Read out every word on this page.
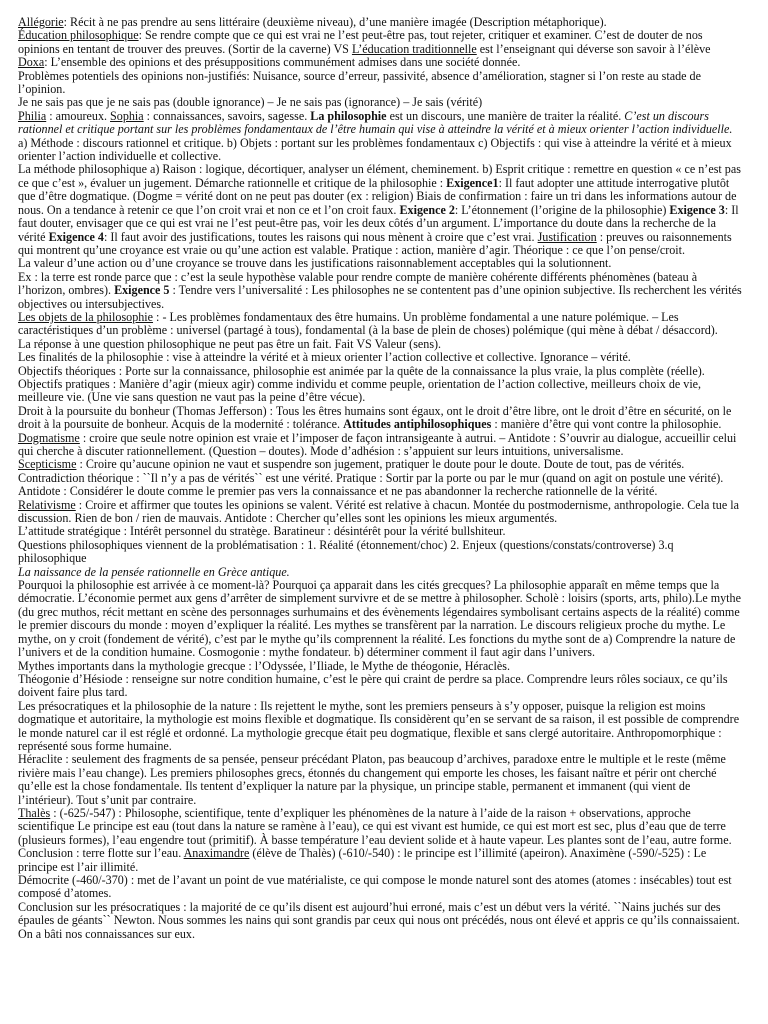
Allégorie: Récit à ne pas prendre au sens littéraire (deuxième niveau), d’une manière imagée (Description métaphorique).

Éducation philosophique: Se rendre compte que ce qui est vrai ne l’est peut-être pas, tout rejeter, critiquer et examiner. C’est de douter de nos opinions en tentant de trouver des preuves. (Sortir de la caverne) VS L’éducation traditionnelle est l’enseignant qui déverse son savoir à l’élève

Doxa: L’ensemble des opinions et des présuppositions communément admises dans une société donnée.

Problèmes potentiels des opinions non-justifiés: Nuisance, source d’erreur, passivité, absence d’amélioration, stagner si l’on reste au stade de l’opinion.

Je ne sais pas que je ne sais pas (double ignorance) – Je ne sais pas (ignorance) – Je sais (vérité)

Philia : amoureux. Sophia : connaissances, savoirs, sagesse. La philosophie est un discours, une manière de traiter la réalité. C’est un discours rationnel et critique portant sur les problèmes fondamentaux de l’être humain qui vise à atteindre la vérité et à mieux orienter l’action individuelle.

a) Méthode : discours rationnel et critique. b) Objets : portant sur les problèmes fondamentaux c) Objectifs : qui vise à atteindre la vérité et à mieux orienter l’action individuelle et collective.

La méthode philosophique a) Raison : logique, décortiquer, analyser un élément, cheminement. b) Esprit critique : remettre en question « ce n’est pas ce que c’est », évaluer un jugement. Démarche rationnelle et critique de la philosophie : Exigence1: Il faut adopter une attitude interrogative plutôt que d’être dogmatique. (Dogme = vérité dont on ne peut pas douter (ex : religion) Biais de confirmation : faire un tri dans les informations autour de nous. On a tendance à retenir ce que l’on croit vrai et non ce et l’on croit faux. Exigence 2: L’étonnement (l’origine de la philosophie) Exigence 3: Il faut douter, envisager que ce qui est vrai ne l’est peut-être pas, voir les deux côtés d’un argument. L’importance du doute dans la recherche de la vérité Exigence 4: Il faut avoir des justifications, toutes les raisons qui nous mènent à croire que c’est vrai. Justification : preuves ou raisonnements qui montrent qu’une croyance est vraie ou qu’une action est valable. Pratique : action, manière d’agir. Théorique : ce que l’on pense/croit.

La valeur d’une action ou d’une croyance se trouve dans les justifications raisonnablement acceptables qui la solutionnent.

Ex : la terre est ronde parce que : c’est la seule hypothèse valable pour rendre compte de manière cohérente différents phénomènes (bateau à l’horizon, ombres). Exigence 5 : Tendre vers l’universalité : Les philosophes ne se contentent pas d’une opinion subjective. Ils recherchent les vérités objectives ou intersubjectives.

Les objets de la philosophie : - Les problèmes fondamentaux des être humains. Un problème fondamental a une nature polémique. – Les caractéristiques d’un problème : universel (partagé à tous), fondamental (à la base de plein de choses) polémique (qui mène à débat / désaccord).

La réponse à une question philosophique ne peut pas être un fait. Fait VS Valeur (sens).

Les finalités de la philosophie : vise à atteindre la vérité et à mieux orienter l’action collective et collective. Ignorance – vérité.

Objectifs théoriques : Porte sur la connaissance, philosophie est animée par la quête de la connaissance la plus vraie, la plus complète (réelle).

Objectifs pratiques : Manière d’agir (mieux agir) comme individu et comme peuple, orientation de l’action collective, meilleurs choix de vie, meilleure vie. (Une vie sans question ne vaut pas la peine d’être vécue).

Droit à la poursuite du bonheur (Thomas Jefferson) : Tous les êtres humains sont égaux, ont le droit d’être libre, ont le droit d’être en sécurité, on le droit à la poursuite de bonheur. Acquis de la modernité : tolérance. Attitudes antiphilosophiques : manière d’être qui vont contre la philosophie.

Dogmatisme : croire que seule notre opinion est vraie et l’imposer de façon intransigeante à autrui. – Antidote : S’ouvrir au dialogue, accueillir celui qui cherche à discuter rationnellement. (Question – doutes). Mode d’adhésion : s’appuient sur leurs intuitions, universalisme.

Scepticisme : Croire qu’aucune opinion ne vaut et suspendre son jugement, pratiquer le doute pour le doute. Doute de tout, pas de vérités. Contradiction théorique : ``Il n’y a pas de vérités`` est une vérité. Pratique : Sortir par la porte ou par le mur (quand on agit on postule une vérité). Antidote : Considérer le doute comme le premier pas vers la connaissance et ne pas abandonner la recherche rationnelle de la vérité.

Relativisme : Croire et affirmer que toutes les opinions se valent. Vérité est relative à chacun. Montée du postmodernisme, anthropologie. Cela tue la discussion. Rien de bon / rien de mauvais. Antidote : Chercher qu’elles sont les opinions les mieux argumentés.

L’attitude stratégique : Intérêt personnel du stratège. Baratineur : désintérêt pour la vérité bullshiteur.

Questions philosophiques viennent de la problématisation : 1. Réalité (étonnement/choc) 2. Enjeux (questions/constats/controverse) 3.q philosophique

La naissance de la pensée rationnelle en Grèce antique.

Pourquoi la philosophie est arrivée à ce moment-là? Pourquoi ça apparait dans les cités grecques? La philosophie apparaît en même temps que la démocratie. L’économie permet aux gens d’arrêter de simplement survivre et de se mettre à philosopher. Scholè : loisirs (sports, arts, philo).Le mythe (du grec muthos, récit mettant en scène des personnages surhumains et des évènements légendaires symbolisant certains aspects de la réalité) comme le premier discours du monde : moyen d’expliquer la réalité. Les mythes se transfèrent par la narration. Le discours religieux proche du mythe. Le mythe, on y croit (fondement de vérité), c’est par le mythe qu’ils comprennent la réalité. Les fonctions du mythe sont de a) Comprendre la nature de l’univers et de la condition humaine. Cosmogonie : mythe fondateur. b) déterminer comment il faut agir dans l’univers.

Mythes importants dans la mythologie grecque : l’Odyssée, l’Iliade, le Mythe de théogonie, Héraclès.

Théogonie d’Hésiode : renseigne sur notre condition humaine, c’est le père qui craint de perdre sa place. Comprendre leurs rôles sociaux, ce qu’ils doivent faire plus tard.

Les présocratiques et la philosophie de la nature : Ils rejettent le mythe, sont les premiers penseurs à s’y opposer, puisque la religion est moins dogmatique et autoritaire, la mythologie est moins flexible et dogmatique. Ils considèrent qu’en se servant de sa raison, il est possible de comprendre le monde naturel car il est réglé et ordonné. La mythologie grecque était peu dogmatique, flexible et sans clergé autoritaire. Anthropomorphique : représenté sous forme humaine.

Héraclite : seulement des fragments de sa pensée, penseur précédant Platon, pas beaucoup d’archives, paradoxe entre le multiple et le reste (même rivière mais l’eau change). Les premiers philosophes grecs, étonnés du changement qui emporte les choses, les faisant naître et périr ont cherché qu’elle est la chose fondamentale. Ils tentent d’expliquer la nature par la physique, un principe stable, permanent et immanent (qui vient de l’intérieur). Tout s’unit par contraire.

Thalès : (-625/-547) : Philosophe, scientifique, tente d’expliquer les phénomènes de la nature à l’aide de la raison + observations, approche scientifique Le principe est eau (tout dans la nature se ramène à l’eau), ce qui est vivant est humide, ce qui est mort est sec, plus d’eau que de terre (plusieurs formes), l’eau engendre tout (primitif). À basse température l’eau devient solide et à haute vapeur. Les plantes sont de l’eau, autre forme. Conclusion : terre flotte sur l’eau. Anaximandre (élève de Thalès) (-610/-540) : le principe est l’illimité (apeiron). Anaximène (-590/-525) : Le principe est l’air illimité.

Démocrite (-460/-370) : met de l’avant un point de vue matérialiste, ce qui compose le monde naturel sont des atomes (atomes : insécables) tout est composé d’atomes.

Conclusion sur les présocratiques : la majorité de ce qu’ils disent est aujourd’hui erroné, mais c’est un début vers la vérité. ``Nains juchés sur des épaules de géants`` Newton. Nous sommes les nains qui sont grandis par ceux qui nous ont précédés, nous ont élevé et appris ce qu’ils connaissaient. On a bâti nos connaissances sur eux.
